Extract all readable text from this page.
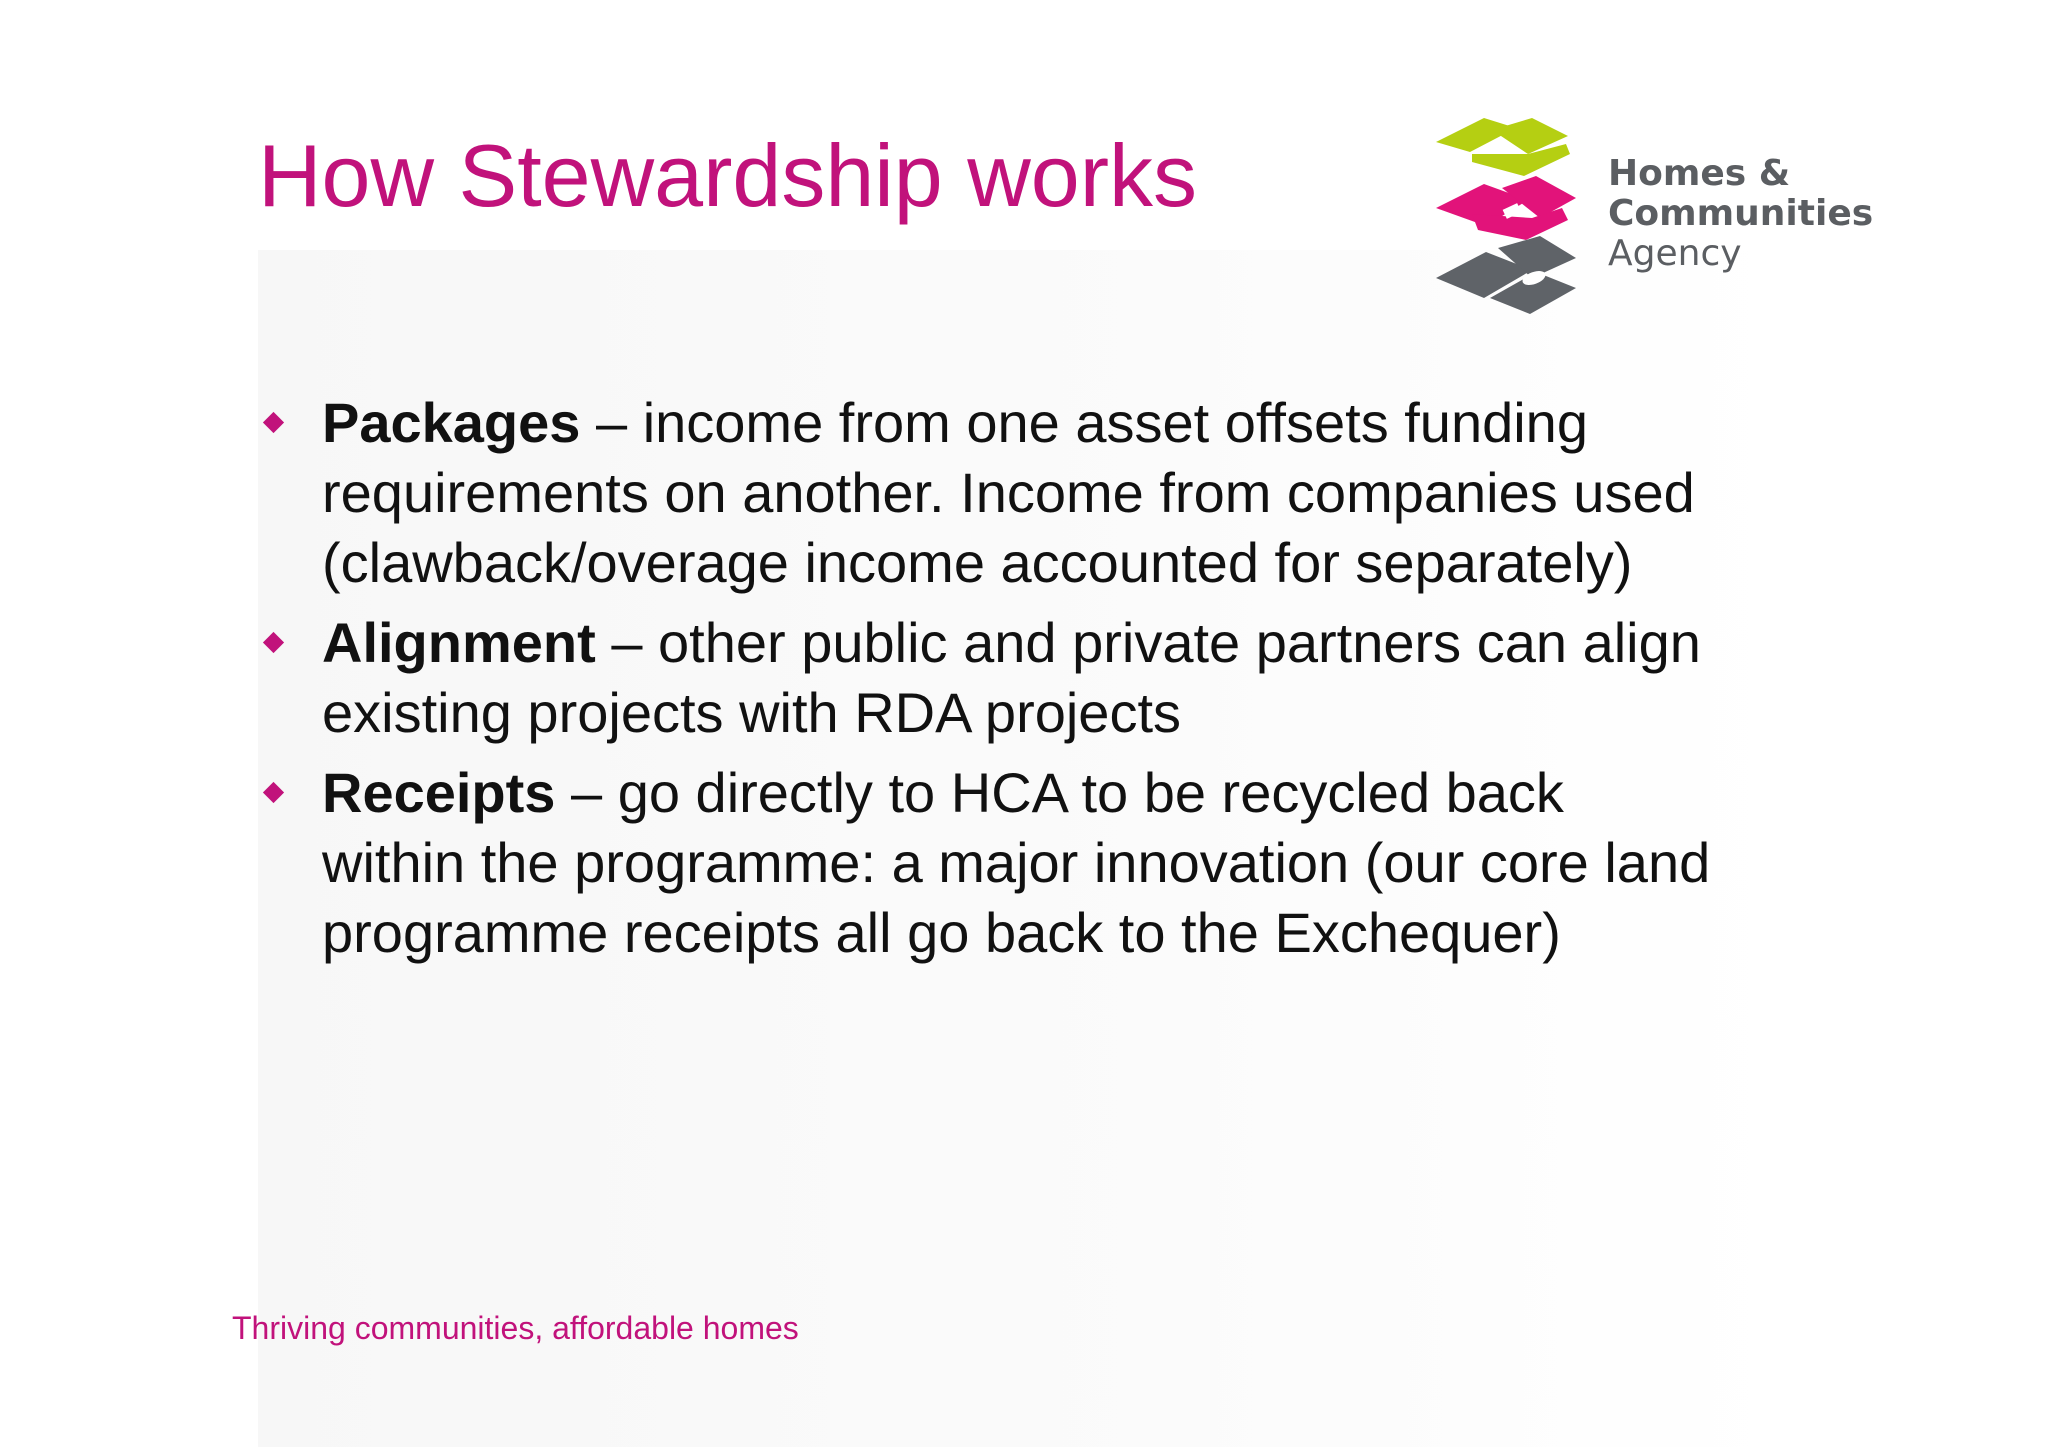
How Stewardship works	Homes &
Communities
Agency
Packages – income from one asset offsets funding requirements on another. Income from companies used (clawback/overage income accounted for separately)
Alignment – other public and private partners can align existing projects with RDA projects
Receipts – go directly to HCA to be recycled back within the programme: a major innovation (our core land programme receipts all go back to the Exchequer)
Thriving communities, affordable homes
